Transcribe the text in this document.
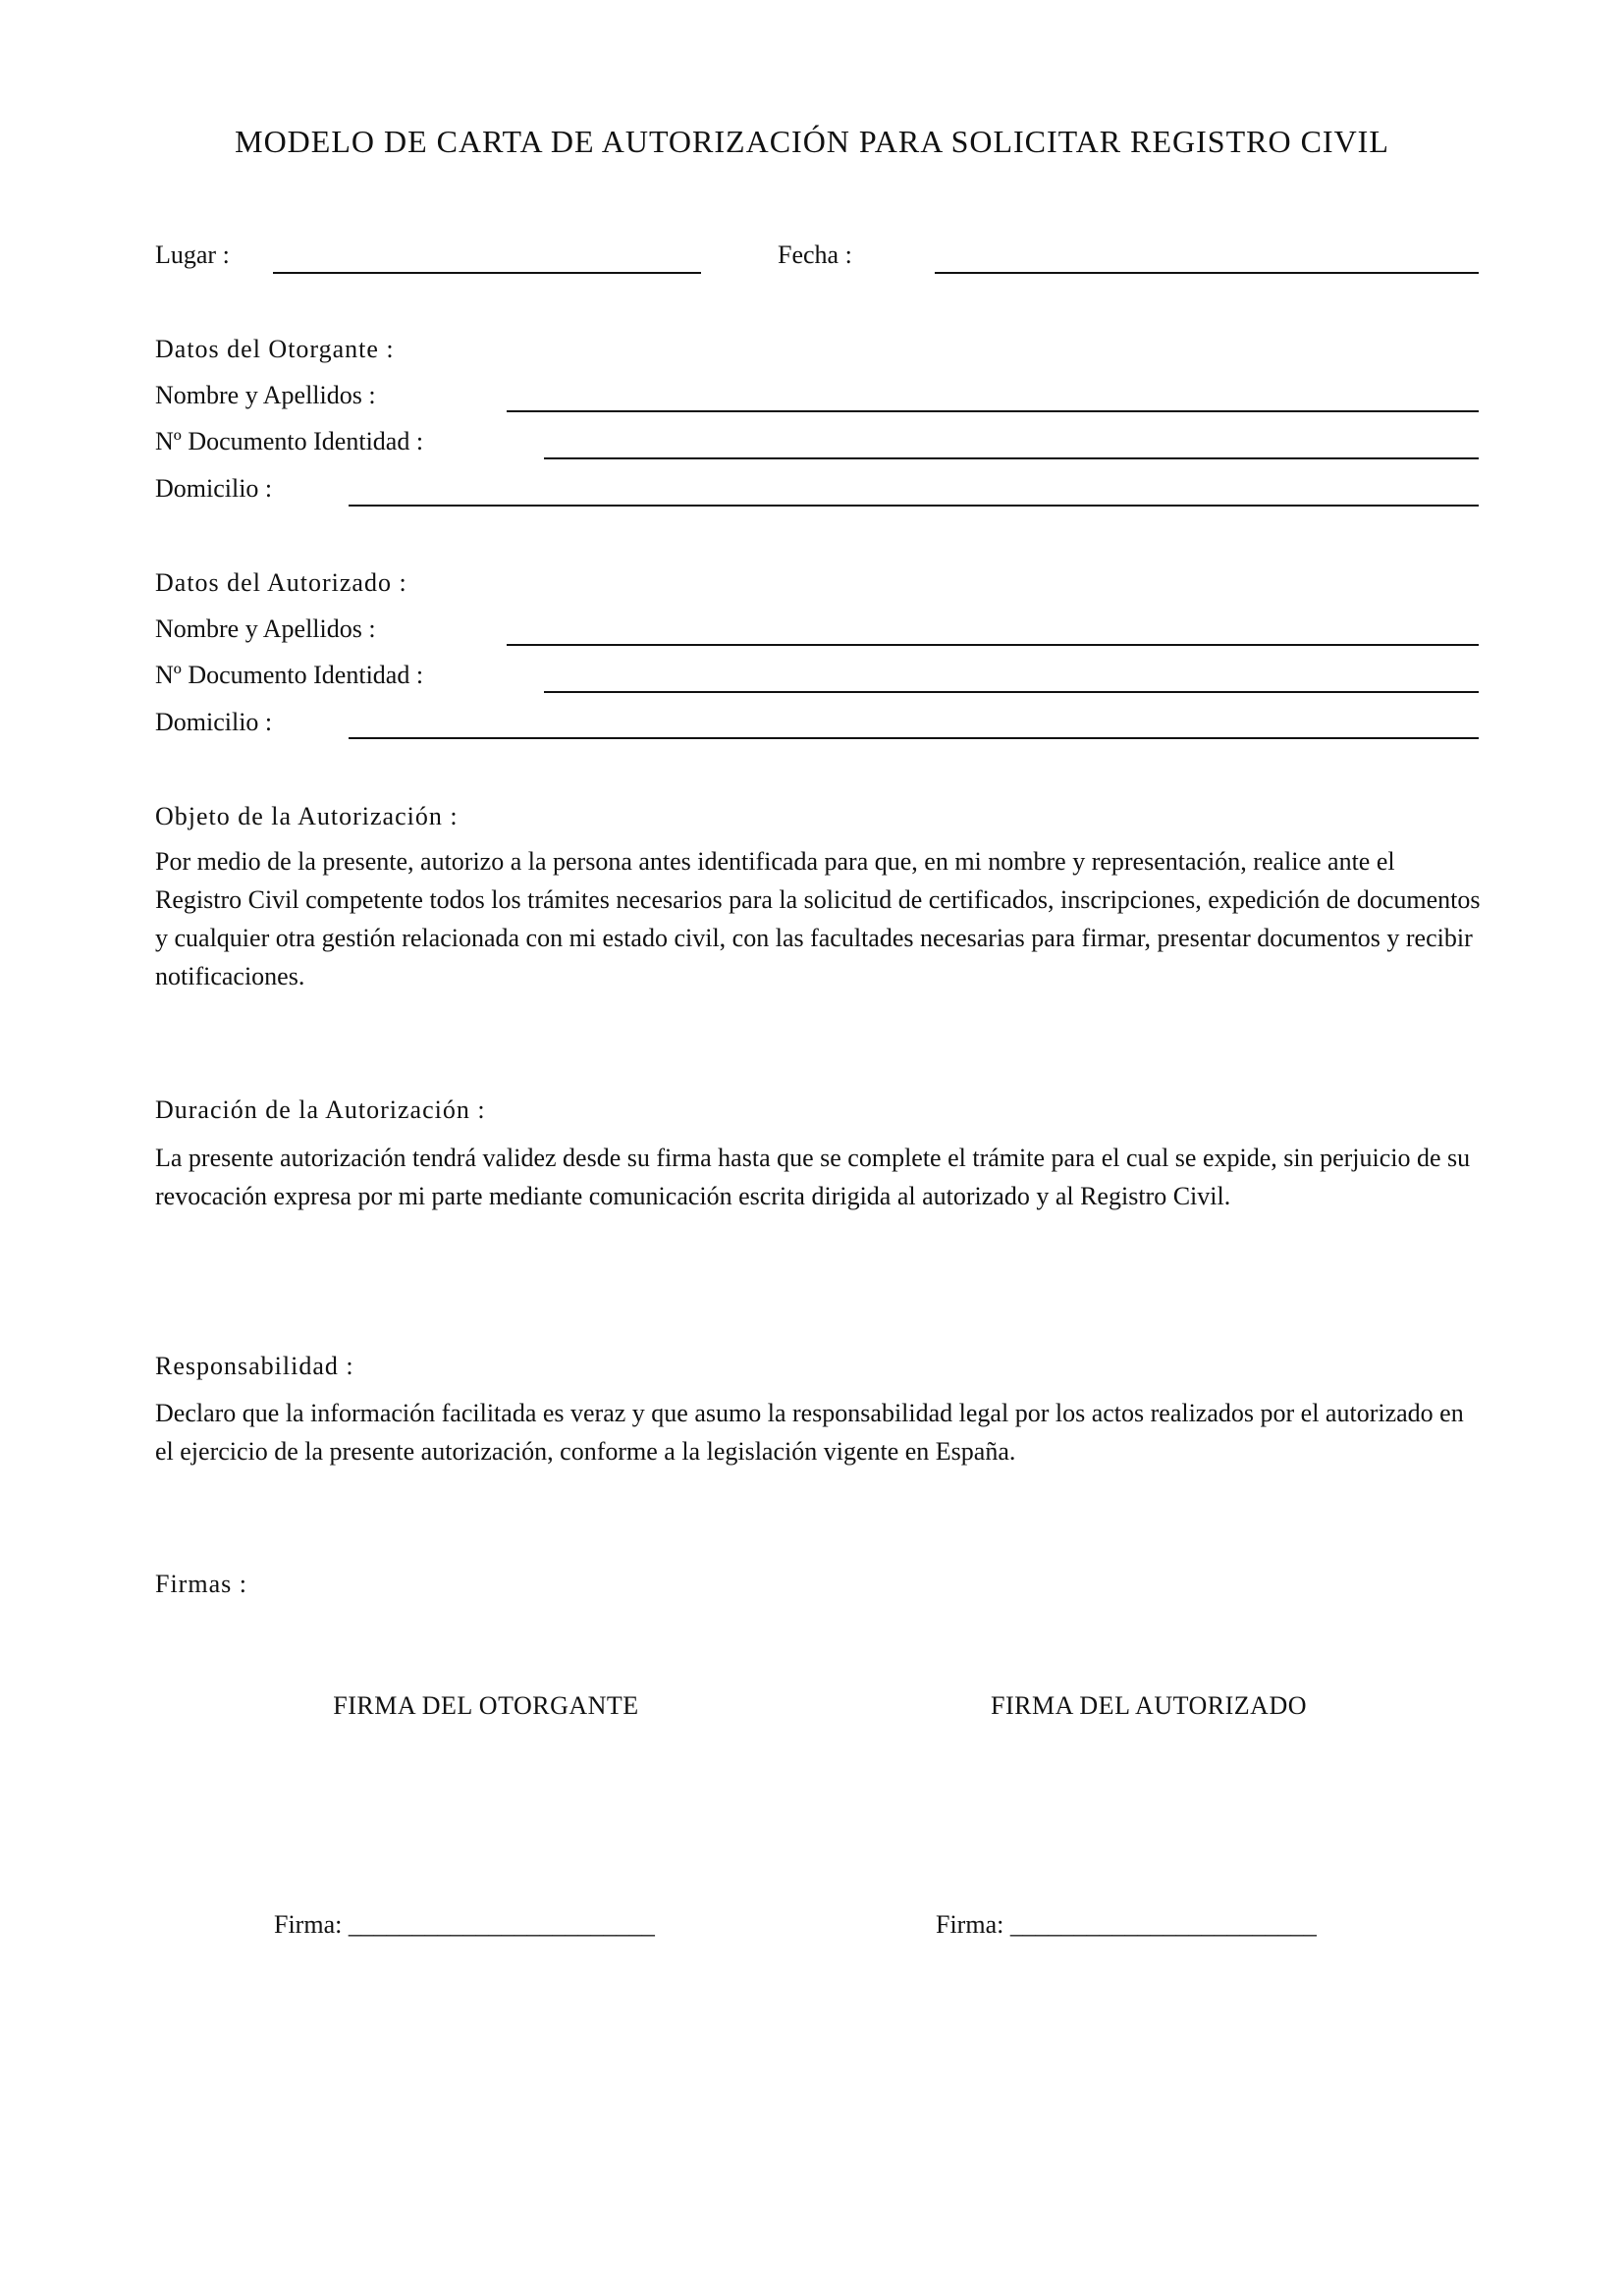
MODELO DE CARTA DE AUTORIZACIÓN PARA SOLICITAR REGISTRO CIVIL
Lugar :	Fecha :
Datos del Otorgante :
Nombre y Apellidos :
Nº Documento Identidad :
Domicilio :
Datos del Autorizado :
Nombre y Apellidos :
Nº Documento Identidad :
Domicilio :
Objeto de la Autorización :
Por medio de la presente, autorizo a la persona antes identificada para que, en mi nombre y representación, realice ante el Registro Civil competente todos los trámites necesarios para la solicitud de certificados, inscripciones, expedición de documentos y cualquier otra gestión relacionada con mi estado civil, con las facultades necesarias para firmar, presentar documentos y recibir notificaciones.
Duración de la Autorización :
La presente autorización tendrá validez desde su firma hasta que se complete el trámite para el cual se expide, sin perjuicio de su revocación expresa por mi parte mediante comunicación escrita dirigida al autorizado y al Registro Civil.
Responsabilidad :
Declaro que la información facilitada es veraz y que asumo la responsabilidad legal por los actos realizados por el autorizado en el ejercicio de la presente autorización, conforme a la legislación vigente en España.
Firmas :
FIRMA DEL OTORGANTE	FIRMA DEL AUTORIZADO
Firma: ________________________	Firma: ________________________
